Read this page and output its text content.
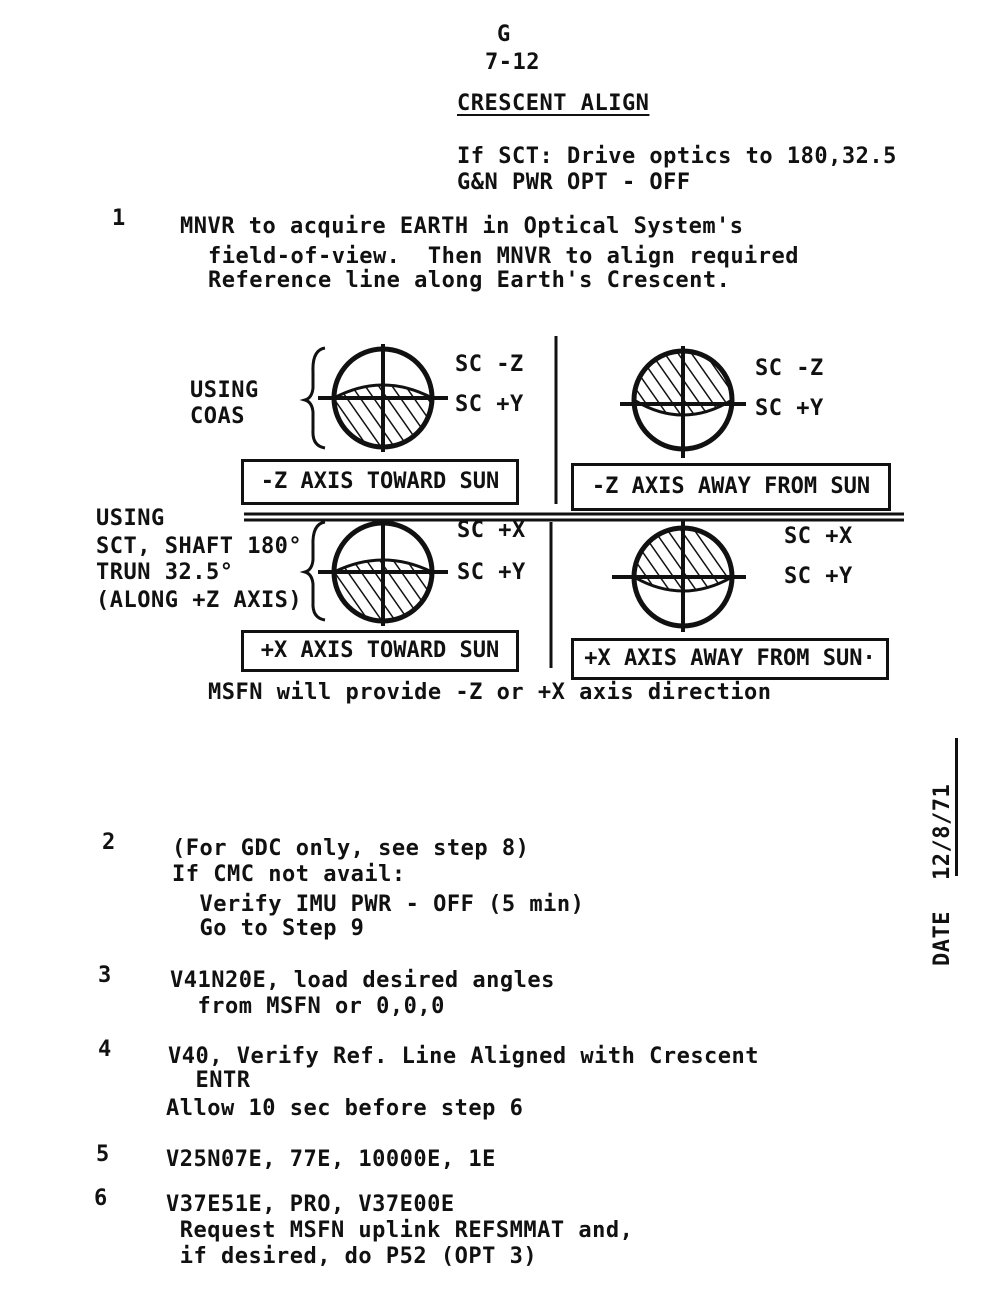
G
7-12
CRESCENT ALIGN
If SCT: Drive optics to 180,32.5
G&N PWR OPT - OFF
1 MNVR to acquire EARTH in Optical System's
field-of-view.  Then MNVR to align required
Reference line along Earth's Crescent.
USING
COAS
USING
SCT, SHAFT 180°
TRUN 32.5°
(ALONG +Z AXIS)
SC -Z
SC +Y
SC -Z
SC +Y
SC +X
SC +Y
SC +X
SC +Y
-Z AXIS TOWARD SUN	-Z AXIS AWAY FROM SUN
+X AXIS TOWARD SUN	+X AXIS AWAY FROM SUN·
MSFN will provide -Z or +X axis direction
DATE
12/8/71
2	(For GDC only, see step 8)
If CMC not avail:
Verify IMU PWR - OFF (5 min)
Go to Step 9
3	V41N20E, load desired angles
from MSFN or 0,0,0
4	V40, Verify Ref. Line Aligned with Crescent
ENTR
Allow 10 sec before step 6
5	V25N07E, 77E, 10000E, 1E
6	V37E51E, PRO, V37E00E
Request MSFN uplink REFSMMAT and,
if desired, do P52 (OPT 3)
